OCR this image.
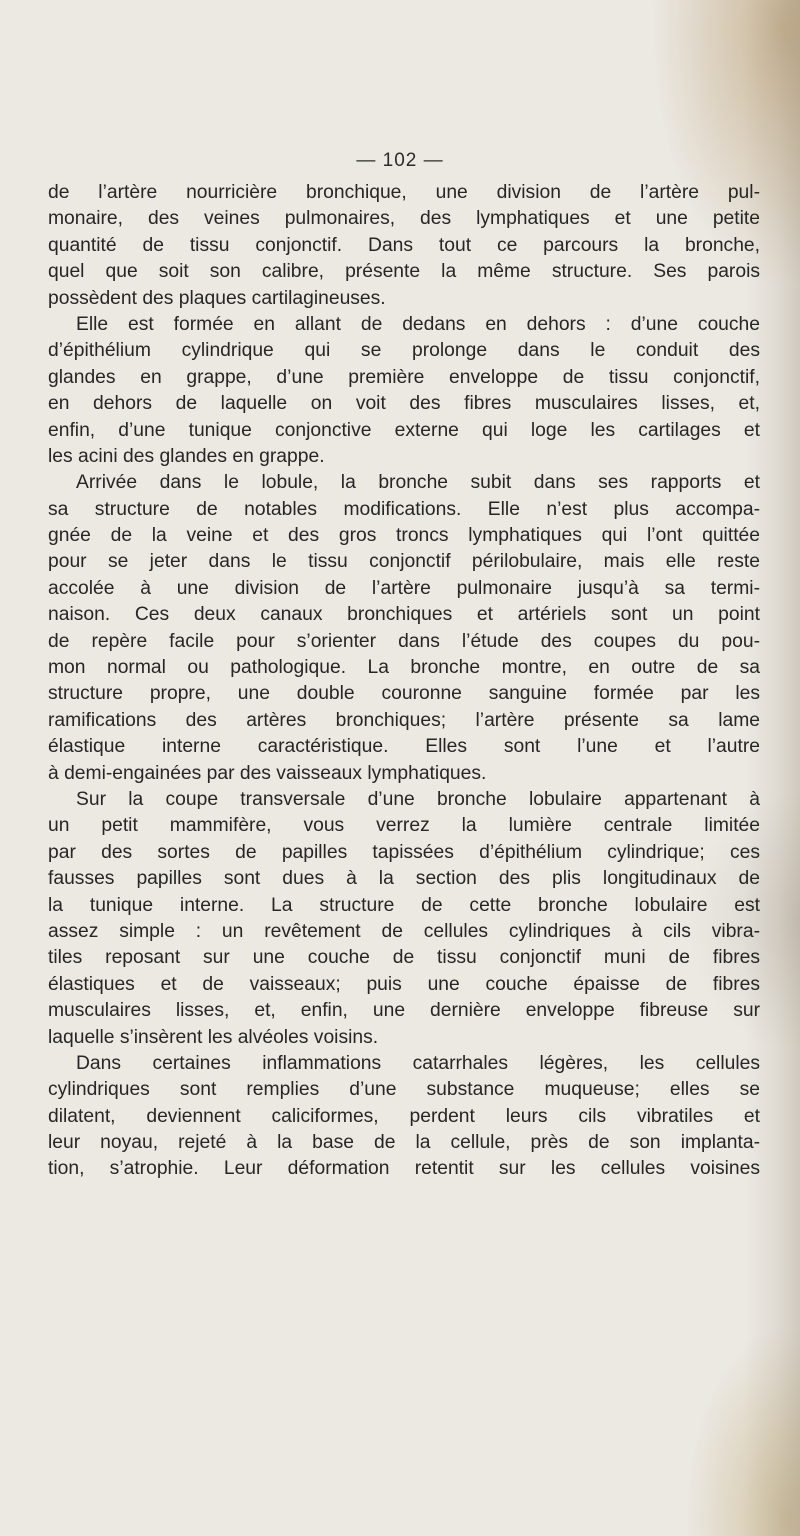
— 102 —
de l’artère nourricière bronchique, une division de l’artère pul-
monaire, des veines pulmonaires, des lymphatiques et une petite
quantité de tissu conjonctif. Dans tout ce parcours la bronche,
quel que soit son calibre, présente la même structure. Ses parois
possèdent des plaques cartilagineuses.
Elle est formée en allant de dedans en dehors : d’une couche
d’épithélium cylindrique qui se prolonge dans le conduit des
glandes en grappe, d’une première enveloppe de tissu conjonctif,
en dehors de laquelle on voit des fibres musculaires lisses, et,
enfin, d’une tunique conjonctive externe qui loge les cartilages et
les acini des glandes en grappe.
Arrivée dans le lobule, la bronche subit dans ses rapports et
sa structure de notables modifications. Elle n’est plus accompa-
gnée de la veine et des gros troncs lymphatiques qui l’ont quittée
pour se jeter dans le tissu conjonctif périlobulaire, mais elle reste
accolée à une division de l’artère pulmonaire jusqu’à sa termi-
naison. Ces deux canaux bronchiques et artériels sont un point
de repère facile pour s’orienter dans l’étude des coupes du pou-
mon normal ou pathologique. La bronche montre, en outre de sa
structure propre, une double couronne sanguine formée par les
ramifications des artères bronchiques; l’artère présente sa lame
élastique interne caractéristique. Elles sont l’une et l’autre
à demi-engainées par des vaisseaux lymphatiques.
Sur la coupe transversale d’une bronche lobulaire appartenant à
un petit mammifère, vous verrez la lumière centrale limitée
par des sortes de papilles tapissées d’épithélium cylindrique; ces
fausses papilles sont dues à la section des plis longitudinaux de
la tunique interne. La structure de cette bronche lobulaire est
assez simple : un revêtement de cellules cylindriques à cils vibra-
tiles reposant sur une couche de tissu conjonctif muni de fibres
élastiques et de vaisseaux; puis une couche épaisse de fibres
musculaires lisses, et, enfin, une dernière enveloppe fibreuse sur
laquelle s’insèrent les alvéoles voisins.
Dans certaines inflammations catarrhales légères, les cellules
cylindriques sont remplies d’une substance muqueuse; elles se
dilatent, deviennent caliciformes, perdent leurs cils vibratiles et
leur noyau, rejeté à la base de la cellule, près de son implanta-
tion, s’atrophie. Leur déformation retentit sur les cellules voisines
